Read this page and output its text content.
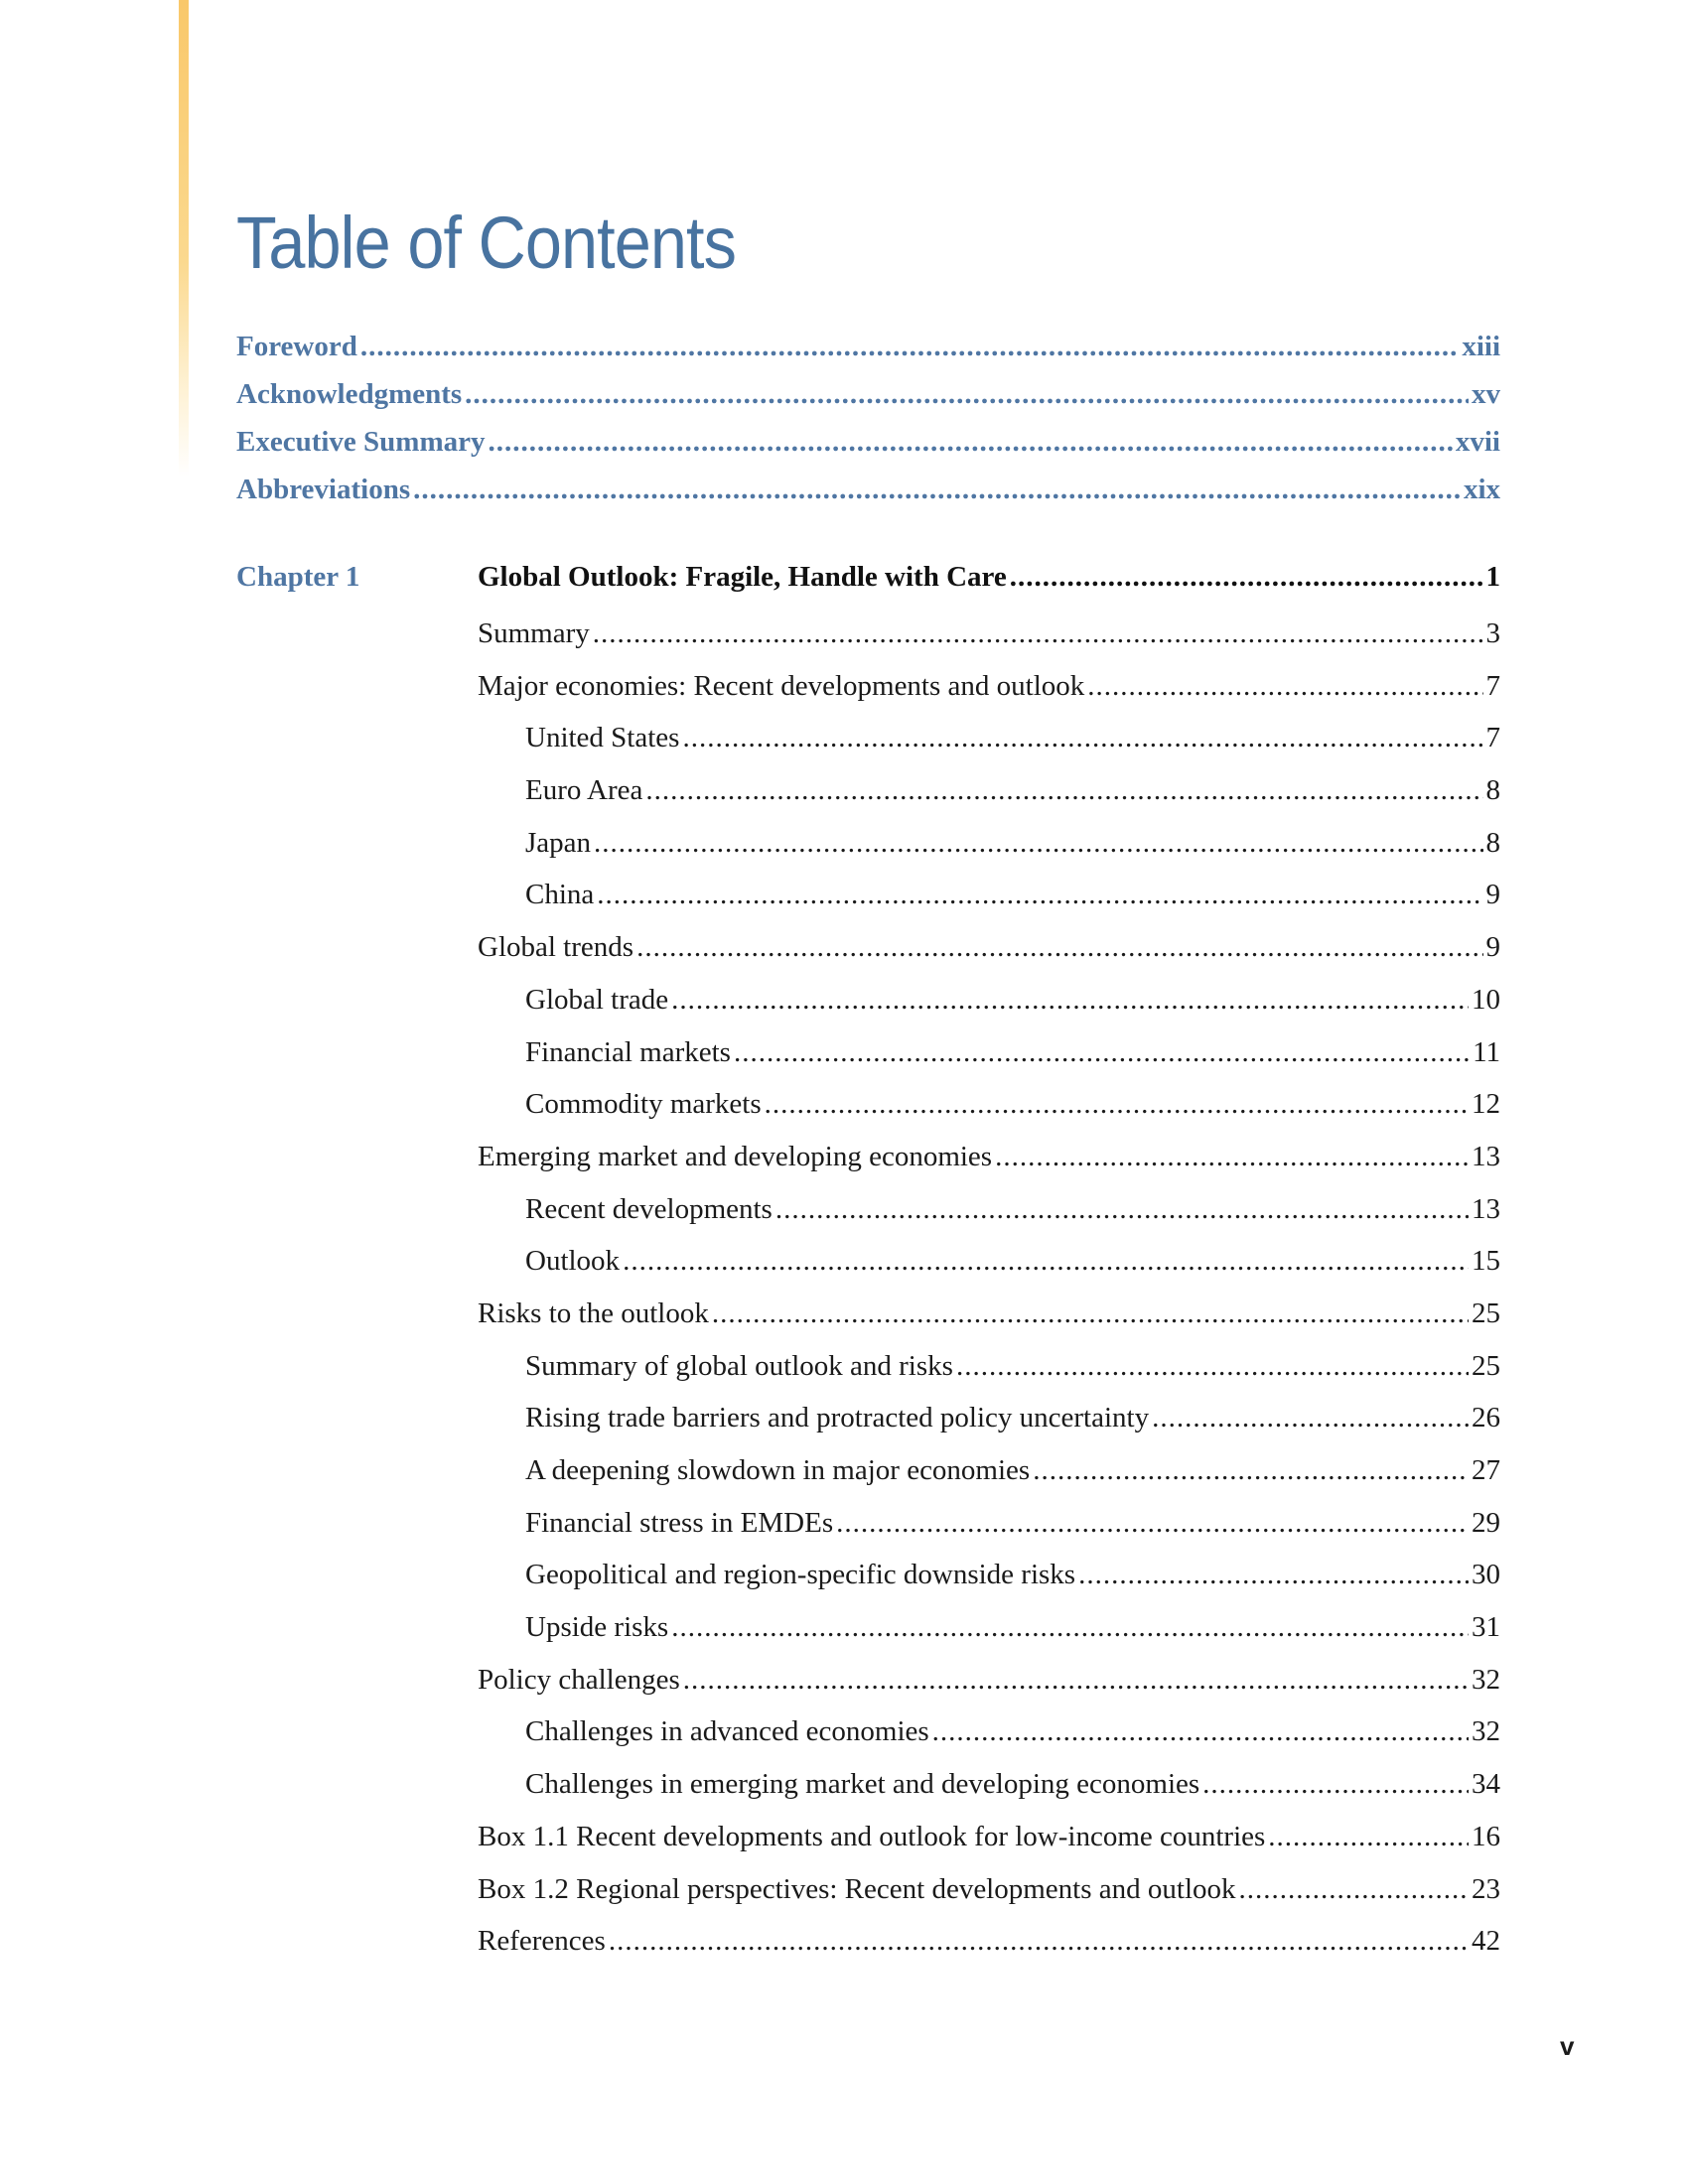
Table of Contents
Foreword .....	xiii
Acknowledgments .....	xv
Executive Summary .....	xvii
Abbreviations .....	xix
Chapter 1	Global Outlook: Fragile, Handle with Care .....	1
Summary .....	3
Major economies: Recent developments and outlook .....	7
United States .....	7
Euro Area .....	8
Japan .....	8
China .....	9
Global trends .....	9
Global trade .....	10
Financial markets .....	11
Commodity markets .....	12
Emerging market and developing economies .....	13
Recent developments .....	13
Outlook .....	15
Risks to the outlook .....	25
Summary of global outlook and risks .....	25
Rising trade barriers and protracted policy uncertainty .....	26
A deepening slowdown in major economies .....	27
Financial stress in EMDEs .....	29
Geopolitical and region-specific downside risks .....	30
Upside risks .....	31
Policy challenges .....	32
Challenges in advanced economies .....	32
Challenges in emerging market and developing economies .....	34
Box 1.1 Recent developments and outlook for low-income countries .....	16
Box 1.2 Regional perspectives: Recent developments and outlook .....	23
References .....	42
v
